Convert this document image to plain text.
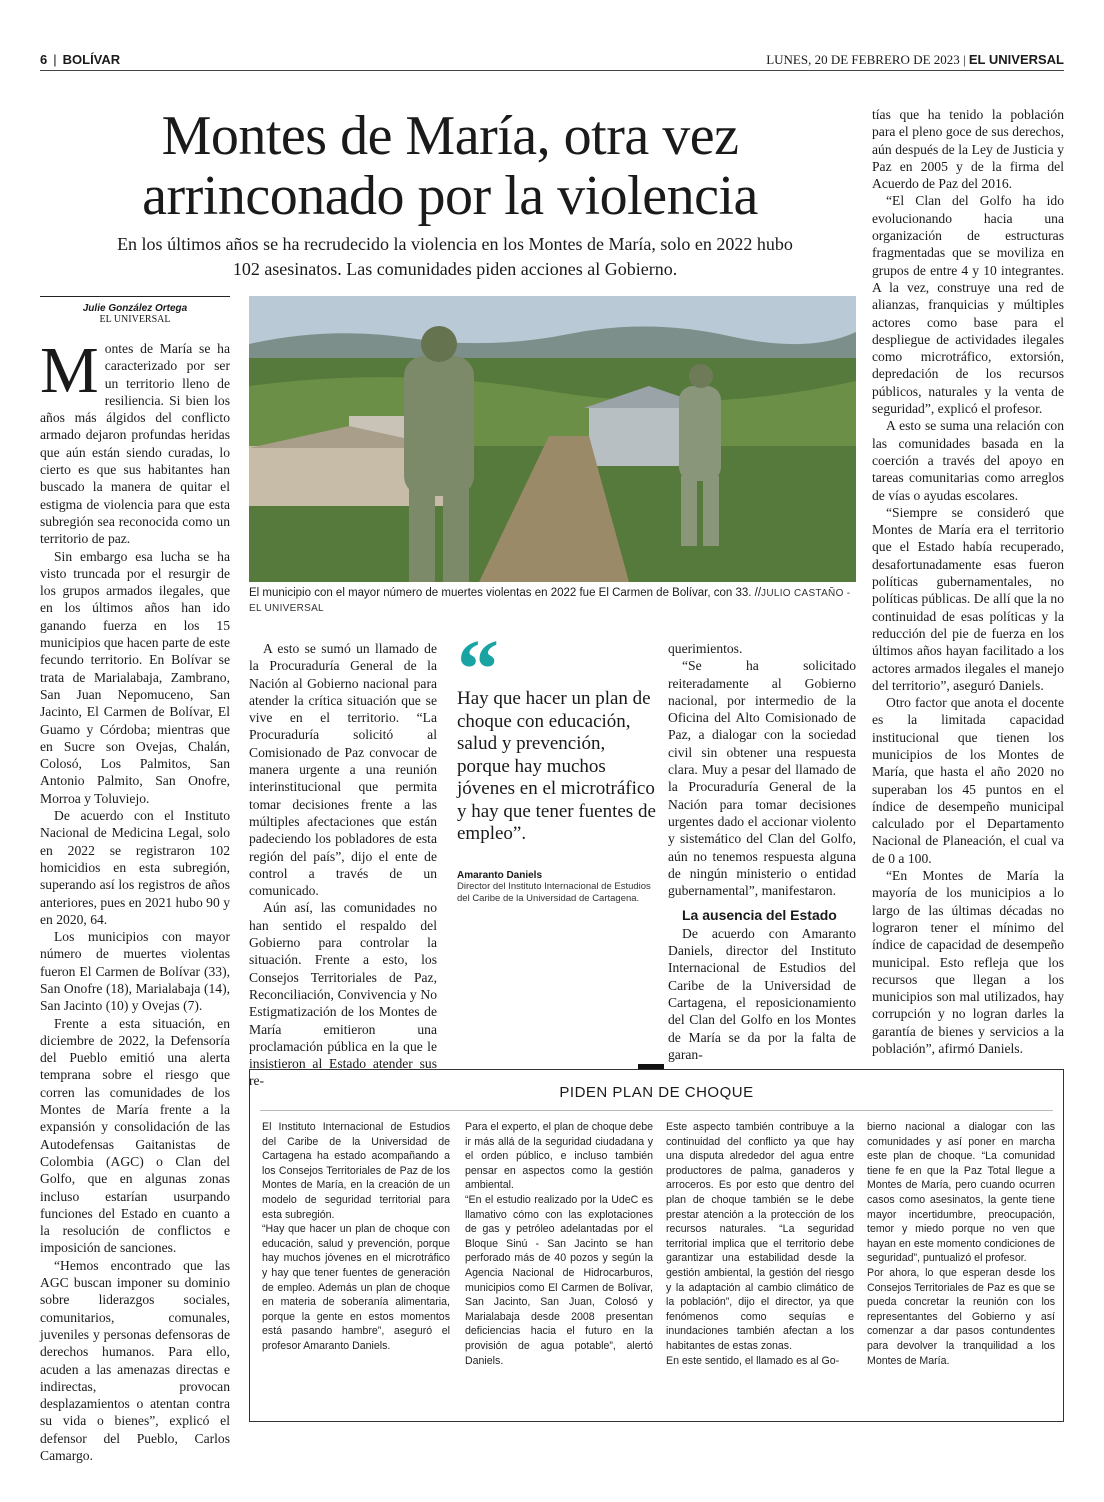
6 | BOLÍVAR	LUNES, 20 DE FEBRERO DE 2023 | EL UNIVERSAL
Montes de María, otra vez
arrinconado por la violencia
En los últimos años se ha recrudecido la violencia en los Montes de María, solo en 2022 hubo 102 asesinatos. Las comunidades piden acciones al Gobierno.
Julie González Ortega
EL UNIVERSAL

Montes de María se ha caracterizado por ser un territorio lleno de resiliencia. Si bien los años más álgidos del conflicto armado dejaron profundas heridas que aún están siendo curadas, lo cierto es que sus habitantes han buscado la manera de quitar el estigma de violencia para que esta subregión sea reconocida como un territorio de paz.

Sin embargo esa lucha se ha visto truncada por el resurgir de los grupos armados ilegales, que en los últimos años han ido ganando fuerza en los 15 municipios que hacen parte de este fecundo territorio. En Bolívar se trata de Marialabaja, Zambrano, San Juan Nepomuceno, San Jacinto, El Carmen de Bolívar, El Guamo y Córdoba; mientras que en Sucre son Ovejas, Chalán, Colosó, Los Palmitos, San Antonio Palmito, San Onofre, Morroa y Toluviejo.

De acuerdo con el Instituto Nacional de Medicina Legal, solo en 2022 se registraron 102 homicidios en esta subregión, superando así los registros de años anteriores, pues en 2021 hubo 90 y en 2020, 64.

Los municipios con mayor número de muertes violentas fueron El Carmen de Bolívar (33), San Onofre (18), Marialabaja (14), San Jacinto (10) y Ovejas (7).

Frente a esta situación, en diciembre de 2022, la Defensoría del Pueblo emitió una alerta temprana sobre el riesgo que corren las comunidades de los Montes de María frente a la expansión y consolidación de las Autodefensas Gaitanistas de Colombia (AGC) o Clan del Golfo, que en algunas zonas incluso estarían usurpando funciones del Estado en cuanto a la resolución de conflictos e imposición de sanciones.

“Hemos encontrado que las AGC buscan imponer su dominio sobre liderazgos sociales, comunitarios, comunales, juveniles y personas defensoras de derechos humanos. Para ello, acuden a las amenazas directas e indirectas, provocan desplazamientos o atentan contra su vida o bienes”, explicó el defensor del Pueblo, Carlos Camargo.

El municipio con el mayor número de muertes violentas en 2022 fue El Carmen de Bolívar, con 33. //JULIO CASTAÑO - EL UNIVERSAL

A esto se sumó un llamado de la Procuraduría General de la Nación al Gobierno nacional para atender la crítica situación que se vive en el territorio. “La Procuraduría solicitó al Comisionado de Paz convocar de manera urgente a una reunión interinstitucional que permita tomar decisiones frente a las múltiples afectaciones que están padeciendo los pobladores de esta región del país”, dijo el ente de control a través de un comunicado.

Aún así, las comunidades no han sentido el respaldo del Gobierno para controlar la situación. Frente a esto, los Consejos Territoriales de Paz, Reconciliación, Convivencia y No Estigmatización de los Montes de María emitieron una proclamación pública en la que le insistieron al Estado atender sus re-

“
Hay que hacer un plan de choque con educación, salud y prevención, porque hay muchos jóvenes en el microtráfico y hay que tener fuentes de empleo”.
Amaranto Daniels
Director del Instituto Internacional de Estudios del Caribe de la Universidad de Cartagena.

querimientos.

“Se ha solicitado reiteradamente al Gobierno nacional, por intermedio de la Oficina del Alto Comisionado de Paz, a dialogar con la sociedad civil sin obtener una respuesta clara. Muy a pesar del llamado de la Procuraduría General de la Nación para tomar decisiones urgentes dado el accionar violento y sistemático del Clan del Golfo, aún no tenemos respuesta alguna de ningún ministerio o entidad gubernamental”, manifestaron.

La ausencia del Estado

De acuerdo con Amaranto Daniels, director del Instituto Internacional de Estudios del Caribe de la Universidad de Cartagena, el reposicionamiento del Clan del Golfo en los Montes de María se da por la falta de garan-

tías que ha tenido la población para el pleno goce de sus derechos, aún después de la Ley de Justicia y Paz en 2005 y de la firma del Acuerdo de Paz del 2016.

“El Clan del Golfo ha ido evolucionando hacia una organización de estructuras fragmentadas que se moviliza en grupos de entre 4 y 10 integrantes. A la vez, construye una red de alianzas, franquicias y múltiples actores como base para el despliegue de actividades ilegales como microtráfico, extorsión, depredación de los recursos públicos, naturales y la venta de seguridad”, explicó el profesor.

A esto se suma una relación con las comunidades basada en la coerción a través del apoyo en tareas comunitarias como arreglos de vías o ayudas escolares.

“Siempre se consideró que Montes de María era el territorio que el Estado había recuperado, desafortunadamente esas fueron políticas gubernamentales, no políticas públicas. De allí que la no continuidad de esas políticas y la reducción del pie de fuerza en los últimos años hayan facilitado a los actores armados ilegales el manejo del territorio”, aseguró Daniels.

Otro factor que anota el docente es la limitada capacidad institucional que tienen los municipios de los Montes de María, que hasta el año 2020 no superaban los 45 puntos en el índice de desempeño municipal calculado por el Departamento Nacional de Planeación, el cual va de 0 a 100.

“En Montes de María la mayoría de los municipios a lo largo de las últimas décadas no lograron tener el mínimo del índice de capacidad de desempeño municipal. Esto refleja que los recursos que llegan a los municipios son mal utilizados, hay corrupción y no logran darles la garantía de bienes y servicios a la población”, afirmó Daniels.

PIDEN PLAN DE CHOQUE
El Instituto Internacional de Estudios del Caribe de la Universidad de Cartagena ha estado acompañando a los Consejos Territoriales de Paz de los Montes de María, en la creación de un modelo de seguridad territorial para esta subregión.
“Hay que hacer un plan de choque con educación, salud y prevención, porque hay muchos jóvenes en el microtráfico y hay que tener fuentes de generación de empleo. Además un plan de choque en materia de soberanía alimentaria, porque la gente en estos momentos está pasando hambre”, aseguró el profesor Amaranto Daniels.
Para el experto, el plan de choque debe ir más allá de la seguridad ciudadana y el orden público, e incluso también pensar en aspectos como la gestión ambiental.
“En el estudio realizado por la UdeC es llamativo cómo con las explotaciones de gas y petróleo adelantadas por el Bloque Sinú - San Jacinto se han perforado más de 40 pozos y según la Agencia Nacional de Hidrocarburos, municipios como El Carmen de Bolívar, San Jacinto, San Juan, Colosó y Marialabaja desde 2008 presentan deficiencias hacia el futuro en la provisión de agua potable”, alertó Daniels.
Este aspecto también contribuye a la continuidad del conflicto ya que hay una disputa alrededor del agua entre productores de palma, ganaderos y arroceros. Es por esto que dentro del plan de choque también se le debe prestar atención a la protección de los recursos naturales. “La seguridad territorial implica que el territorio debe garantizar una estabilidad desde la gestión ambiental, la gestión del riesgo y la adaptación al cambio climático de la población”, dijo el director, ya que fenómenos como sequías e inundaciones también afectan a los habitantes de estas zonas.
En este sentido, el llamado es al Go-
bierno nacional a dialogar con las comunidades y así poner en marcha este plan de choque. “La comunidad tiene fe en que la Paz Total llegue a Montes de María, pero cuando ocurren casos como asesinatos, la gente tiene mayor incertidumbre, preocupación, temor y miedo porque no ven que hayan en este momento condiciones de seguridad”, puntualizó el profesor.
Por ahora, lo que esperan desde los Consejos Territoriales de Paz es que se pueda concretar la reunión con los representantes del Gobierno y así comenzar a dar pasos contundentes para devolver la tranquilidad a los Montes de María.
